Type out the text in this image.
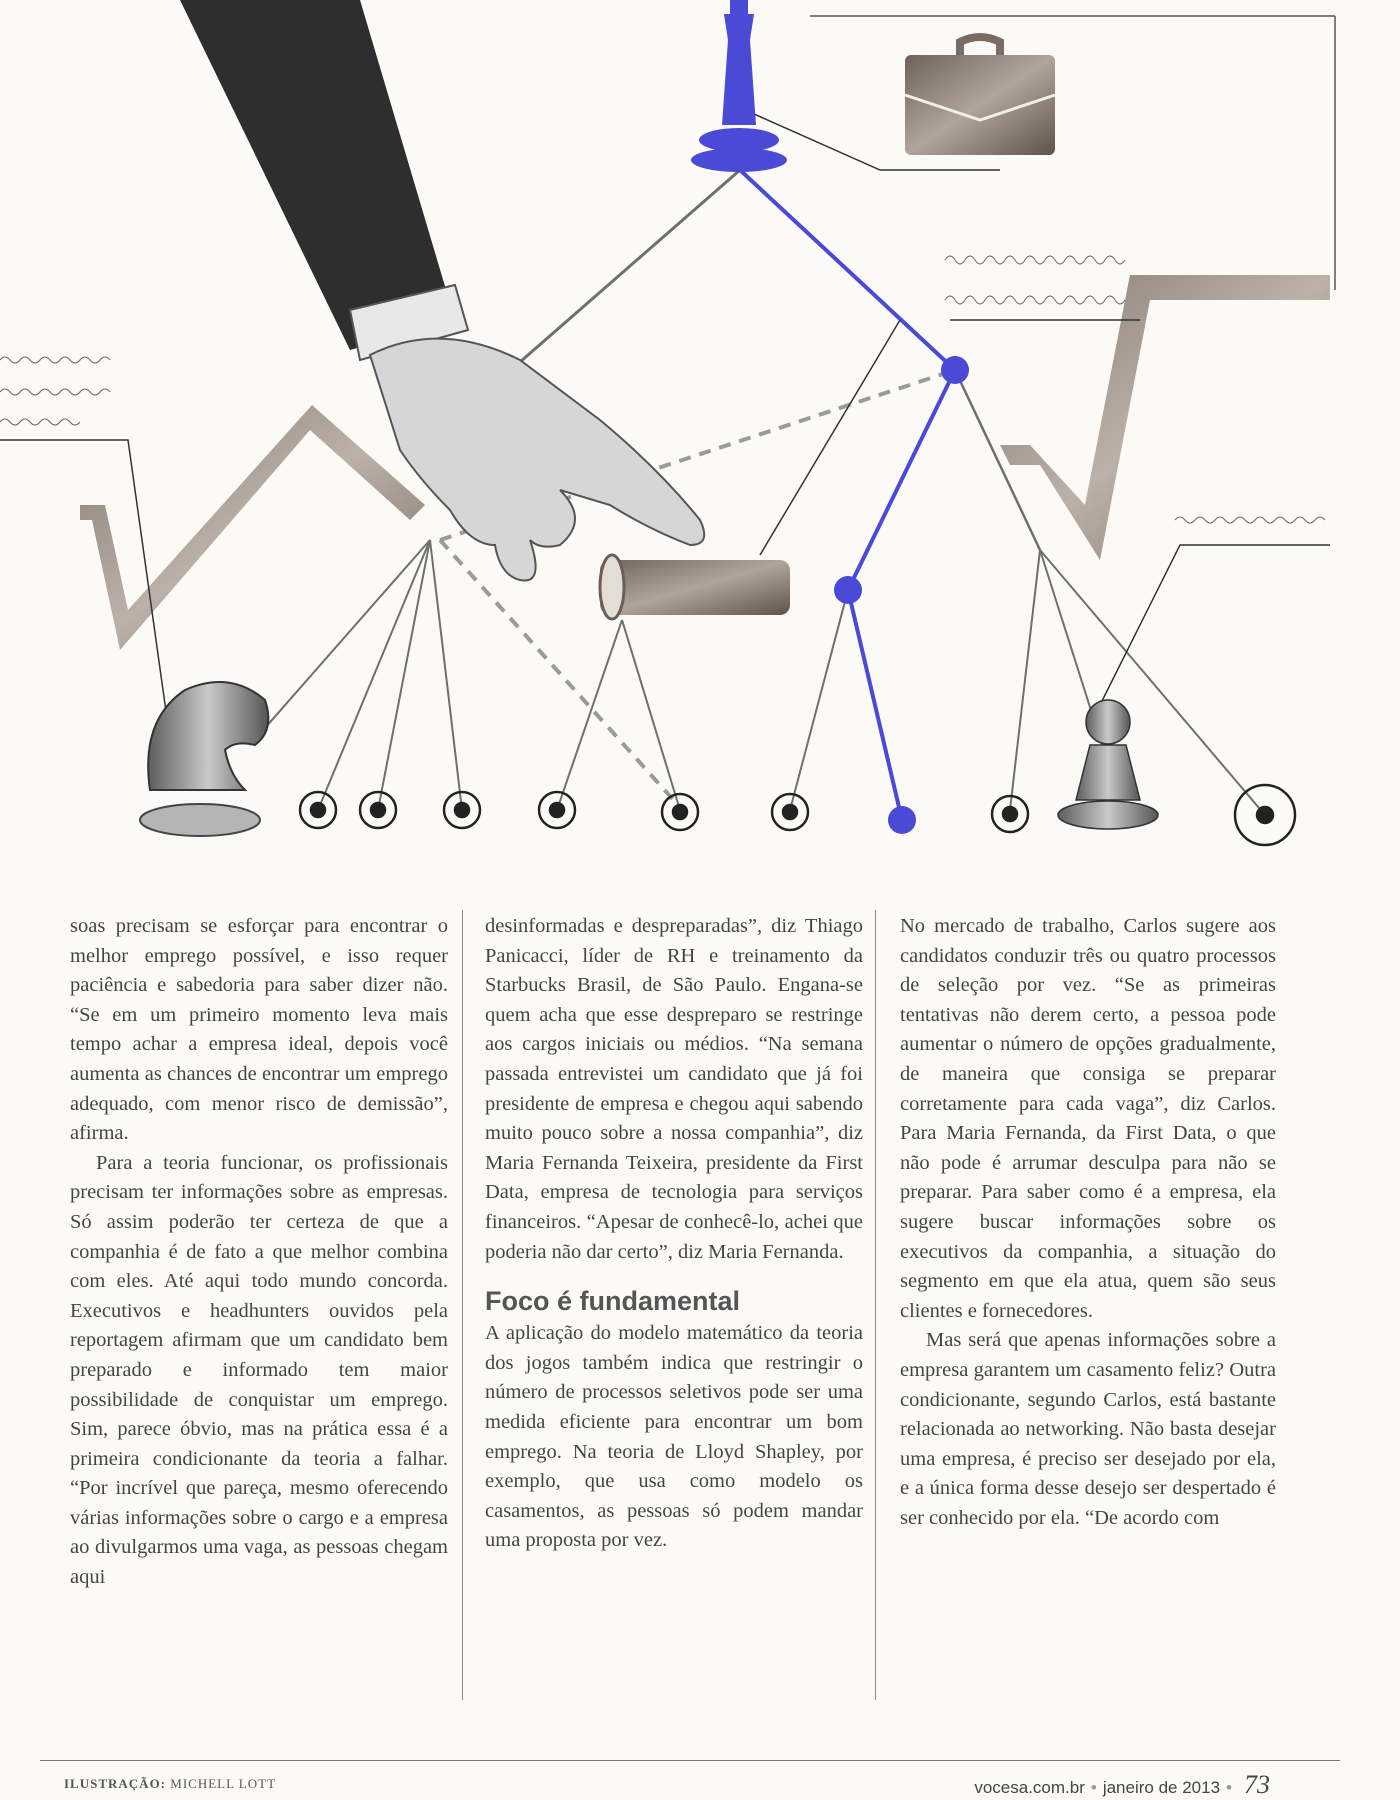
soas precisam se esforçar para encontrar o melhor emprego possível, e isso requer paciência e sabedoria para saber dizer não. “Se em um primeiro momento leva mais tempo achar a empresa ideal, depois você aumenta as chances de encontrar um emprego adequado, com menor risco de demissão”, afirma.

Para a teoria funcionar, os profissionais precisam ter informações sobre as empresas. Só assim poderão ter certeza de que a companhia é de fato a que melhor combina com eles. Até aqui todo mundo concorda. Executivos e headhunters ouvidos pela reportagem afirmam que um candidato bem preparado e informado tem maior possibilidade de conquistar um emprego. Sim, parece óbvio, mas na prática essa é a primeira condicionante da teoria a falhar. “Por incrível que pareça, mesmo oferecendo várias informações sobre o cargo e a empresa ao divulgarmos uma vaga, as pessoas chegam aqui

desinformadas e despreparadas”, diz Thiago Panicacci, líder de RH e treinamento da Starbucks Brasil, de São Paulo. Engana-se quem acha que esse despreparo se restringe aos cargos iniciais ou médios. “Na semana passada entrevistei um candidato que já foi presidente de empresa e chegou aqui sabendo muito pouco sobre a nossa companhia”, diz Maria Fernanda Teixeira, presidente da First Data, empresa de tecnologia para serviços financeiros. “Apesar de conhecê-lo, achei que poderia não dar certo”, diz Maria Fernanda.

Foco é fundamental

A aplicação do modelo matemático da teoria dos jogos também indica que restringir o número de processos seletivos pode ser uma medida eficiente para encontrar um bom emprego. Na teoria de Lloyd Shapley, por exemplo, que usa como modelo os casamentos, as pessoas só podem mandar uma proposta por vez.

No mercado de trabalho, Carlos sugere aos candidatos conduzir três ou quatro processos de seleção por vez. “Se as primeiras tentativas não derem certo, a pessoa pode aumentar o número de opções gradualmente, de maneira que consiga se preparar corretamente para cada vaga”, diz Carlos. Para Maria Fernanda, da First Data, o que não pode é arrumar desculpa para não se preparar. Para saber como é a empresa, ela sugere buscar informações sobre os executivos da companhia, a situação do segmento em que ela atua, quem são seus clientes e fornecedores.

Mas será que apenas informações sobre a empresa garantem um casamento feliz? Outra condicionante, segundo Carlos, está bastante relacionada ao networking. Não basta desejar uma empresa, é preciso ser desejado por ela, e a única forma desse desejo ser despertado é ser conhecido por ela. “De acordo com

ILUSTRAÇÃO: MICHELL LOTT	vocesa.com.br • janeiro de 2013 • 73
